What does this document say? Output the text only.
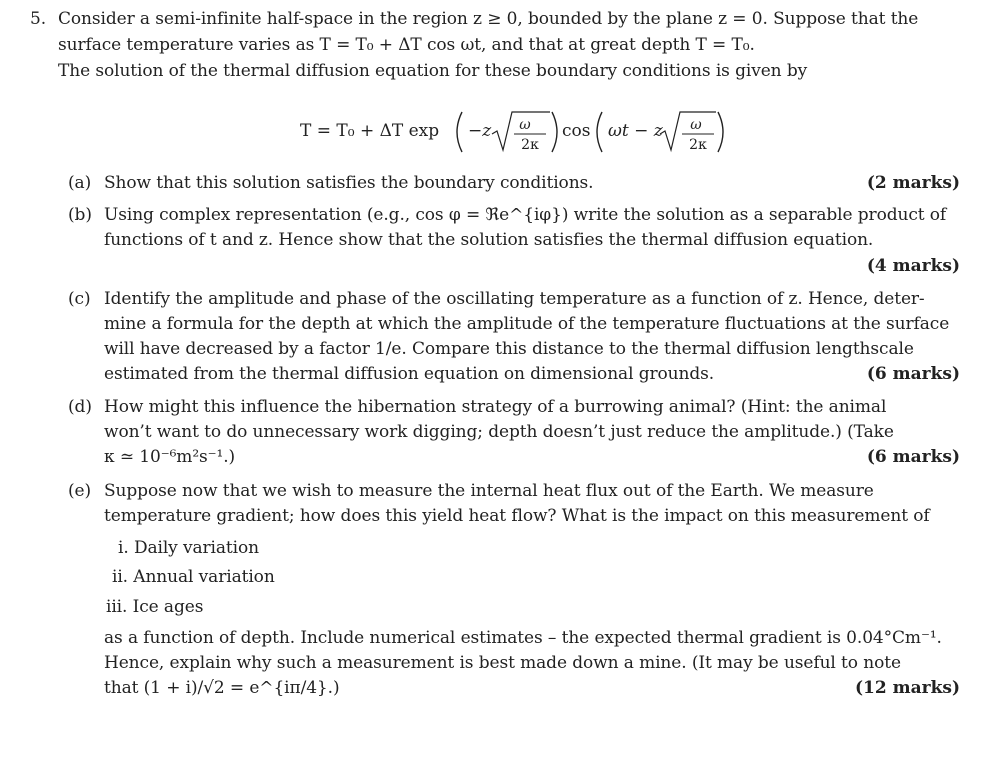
5. Consider a semi-infinite half-space in the region z ≥ 0, bounded by the plane z = 0. Suppose that the
surface temperature varies as T = T₀ + ΔT cos ωt, and that at great depth T = T₀.
The solution of the thermal diffusion equation for these boundary conditions is given by
T = T₀ + ΔT exp −z ω
2κ
cos ωt − z ω
2κ
(a) Show that this solution satisfies the boundary conditions.	(2 marks)
(b) Using complex representation (e.g., cos φ = ℜe^{iφ}) write the solution as a separable product of
functions of t and z. Hence show that the solution satisfies the thermal diffusion equation.
(4 marks)
(c) Identify the amplitude and phase of the oscillating temperature as a function of z. Hence, deter-
mine a formula for the depth at which the amplitude of the temperature fluctuations at the surface
will have decreased by a factor 1/e. Compare this distance to the thermal diffusion lengthscale
estimated from the thermal diffusion equation on dimensional grounds.	(6 marks)
(d) How might this influence the hibernation strategy of a burrowing animal? (Hint: the animal
won’t want to do unnecessary work digging; depth doesn’t just reduce the amplitude.) (Take
κ ≃ 10⁻⁶m²s⁻¹.)	(6 marks)
(e) Suppose now that we wish to measure the internal heat flux out of the Earth. We measure
temperature gradient; how does this yield heat flow? What is the impact on this measurement of
i. Daily variation
ii. Annual variation
iii. Ice ages
as a function of depth. Include numerical estimates – the expected thermal gradient is 0.04°Cm⁻¹.
Hence, explain why such a measurement is best made down a mine. (It may be useful to note
that (1 + i)/√2 = e^{iπ/4}.)	(12 marks)
